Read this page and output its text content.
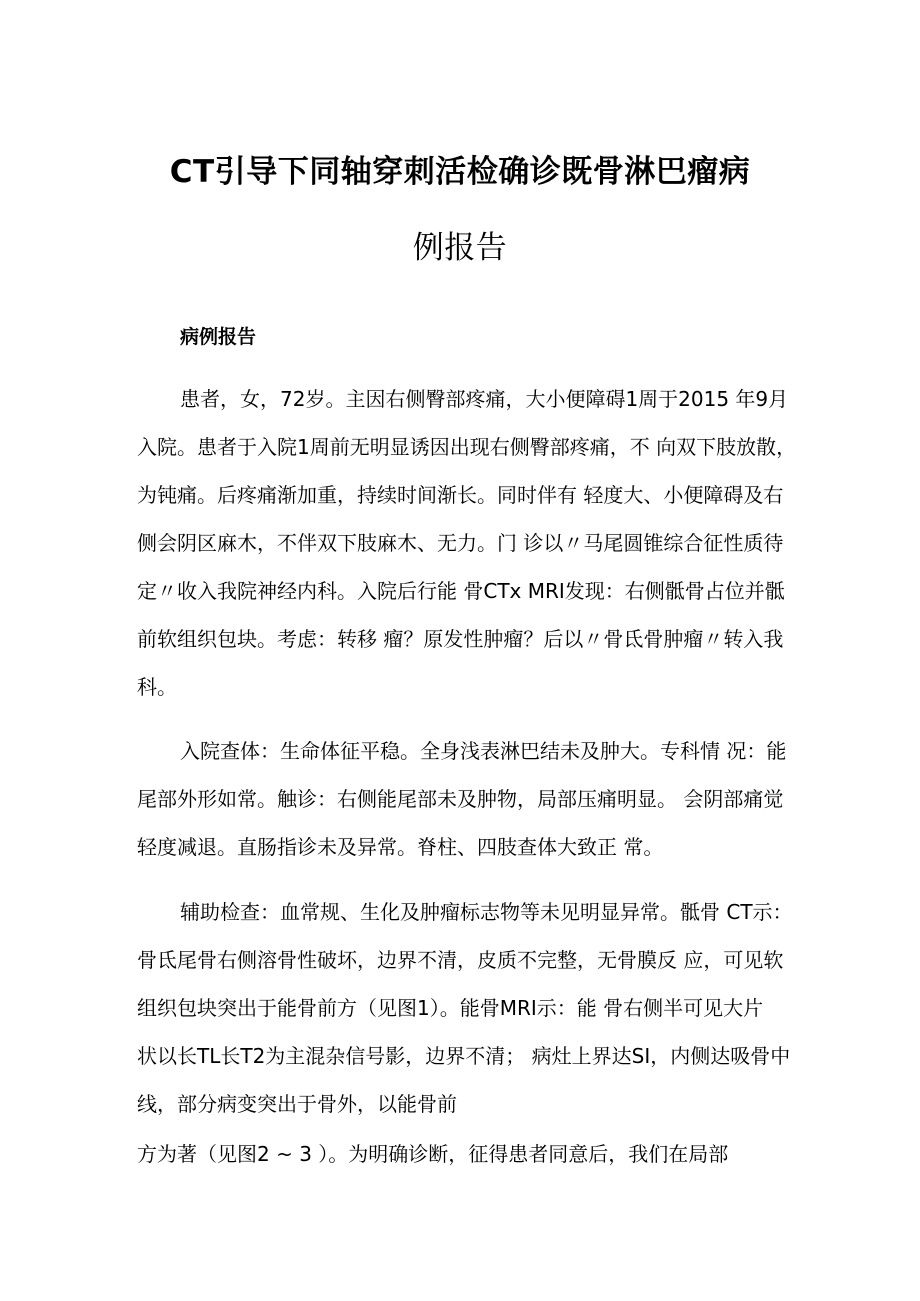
CT引导下同轴穿刺活检确诊既骨淋巴瘤病
例报告
病例报告
患者，女，72岁。主因右侧臀部疼痛，大小便障碍1周于2015 年9月
入院。患者于入院1周前无明显诱因出现右侧臀部疼痛，不 向双下肢放散，
为钝痛。后疼痛渐加重，持续时间渐长。同时伴有 轻度大、小便障碍及右
侧会阴区麻木，不伴双下肢麻木、无力。门 诊以〃马尾圆锥综合征性质待
定〃收入我院神经内科。入院后行能 骨CTx MRI发现：右侧骶骨占位并骶
前软组织包块。考虑：转移 瘤？原发性肿瘤？后以〃骨氐骨肿瘤〃转入我
科。
入院查体：生命体征平稳。全身浅表淋巴结未及肿大。专科情 况：能
尾部外形如常。触诊：右侧能尾部未及肿物，局部压痛明显。 会阴部痛觉
轻度减退。直肠指诊未及异常。脊柱、四肢查体大致正 常。
辅助检查：血常规、生化及肿瘤标志物等未见明显异常。骶骨 CT示：
骨氐尾骨右侧溶骨性破坏，边界不清，皮质不完整，无骨膜反 应，可见软
组织包块突出于能骨前方（见图1）。能骨MRI示：能 骨右侧半可见大片
状以长TL长T2为主混杂信号影，边界不清； 病灶上界达SI，内侧达吸骨中
线，部分病变突出于骨外，以能骨前
方为著（见图2 ~ 3 ）。为明确诊断，征得患者同意后，我们在局部
